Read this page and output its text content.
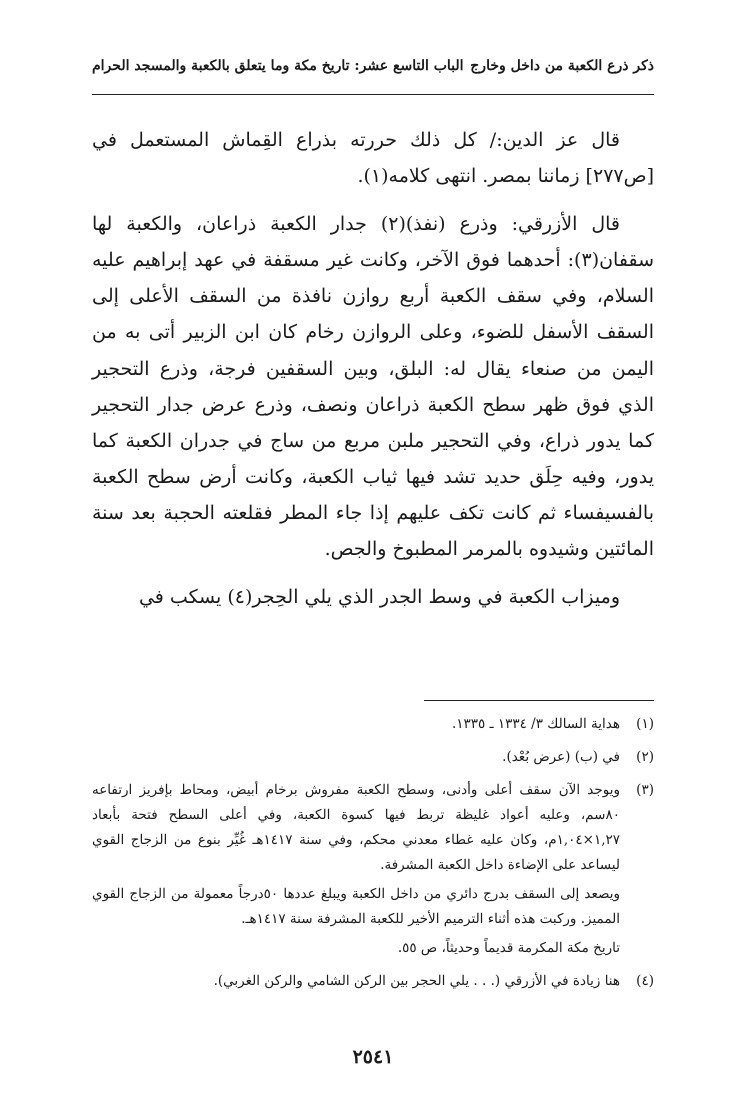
ذكر ذرع الكعبة من داخل وخارج
الباب التاسع عشر: تاريخ مكة وما يتعلق بالكعبة والمسجد الحرام

قال عز الدين:/ كل ذلك حررته بذراع القِماش المستعمل في [ص٢٧٧] زماننا بمصر. انتهى كلامه(١).

قال الأزرقي: وذرع (نفذ)(٢) جدار الكعبة ذراعان، والكعبة لها سقفان(٣): أحدهما فوق الآخر، وكانت غير مسقفة في عهد إبراهيم عليه السلام، وفي سقف الكعبة أربع روازن نافذة من السقف الأعلى إلى السقف الأسفل للضوء، وعلى الروازن رخام كان ابن الزبير أتى به من اليمن من صنعاء يقال له: البلق، وبين السقفين فرجة، وذرع التحجير الذي فوق ظهر سطح الكعبة ذراعان ونصف، وذرع عرض جدار التحجير كما يدور ذراع، وفي التحجير ملبن مربع من ساج في جدران الكعبة كما يدور، وفيه حِلَق حديد تشد فيها ثياب الكعبة، وكانت أرض سطح الكعبة بالفسيفساء ثم كانت تكف عليهم إذا جاء المطر فقلعته الحجبة بعد سنة المائتين وشيدوه بالمرمر المطبوخ والجص.

وميزاب الكعبة في وسط الجدر الذي يلي الحِجر(٤) يسكب في

(١)

هداية السالك ٣/ ١٣٣٤ ـ ١٣٣٥.

(٢)

في (ب) (عرض بُعْد).

(٣)

ويوجد الآن سقف أعلى وأدنى، وسطح الكعبة مفروش برخام أبيض، ومحاط بإفريز ارتفاعه ٨٠سم، وعليه أعواد غليظة تربط فيها كسوة الكعبة، وفي أعلى السطح فتحة بأبعاد ١,٢٧×١,٠٤م، وكان عليه غطاء معدني محكم، وفي سنة ١٤١٧هـ غُيِّر بنوع من الزجاج القوي ليساعد على الإضاءة داخل الكعبة المشرفة.

ويصعد إلى السقف بدرج دائري من داخل الكعبة ويبلغ عددها ٥٠درجاً معمولة من الزجاج القوي المميز. وركبت هذه أثناء الترميم الأخير للكعبة المشرفة سنة ١٤١٧هـ.

تاريخ مكة المكرمة قديماً وحديثاً، ص ٥٥.

(٤)

هنا زيادة في الأزرقي (. . . يلي الحجر بين الركن الشامي والركن الغربي).

٢٥٤١
